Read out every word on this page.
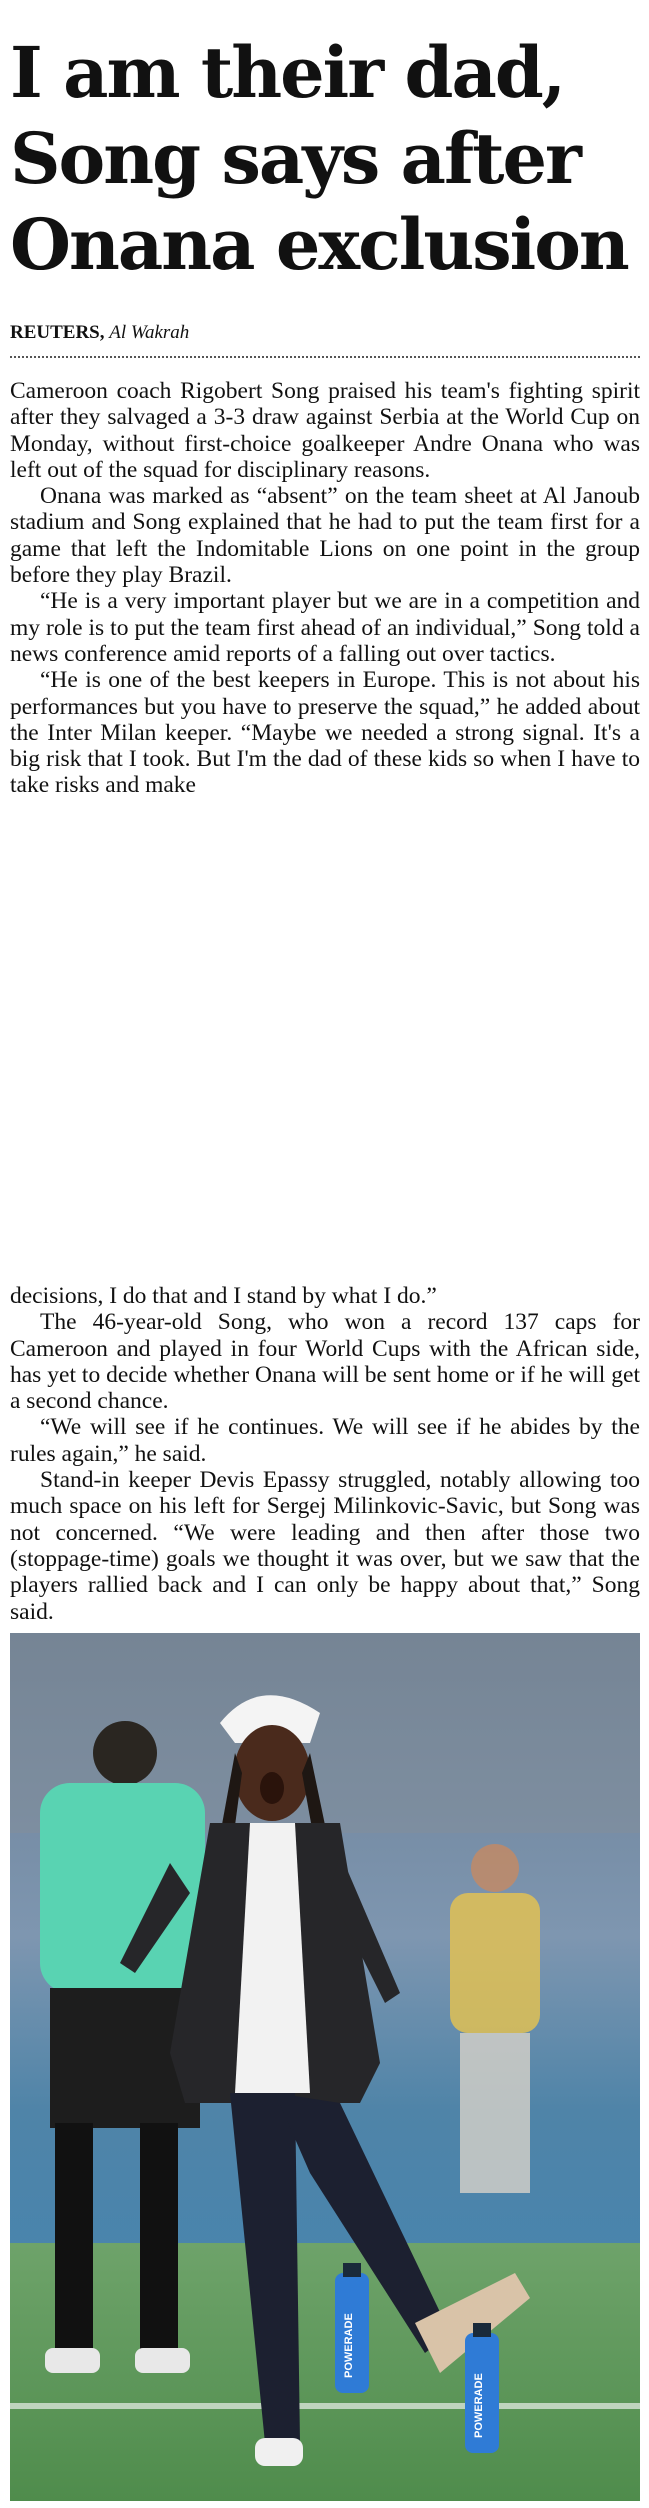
I am their dad,
Song says after
Onana exclusion
REUTERS, Al Wakrah

Cameroon coach Rigobert Song praised his team's fighting spirit after they salvaged a 3-3 draw against Serbia at the World Cup on Monday, without first-choice goalkeeper Andre Onana who was left out of the squad for disciplinary reasons.

Onana was marked as “absent” on the team sheet at Al Janoub stadium and Song explained that he had to put the team first for a game that left the Indomitable Lions on one point in the group before they play Brazil.

“He is a very important player but we are in a competition and my role is to put the team first ahead of an individual,” Song told a news conference amid reports of a falling out over tactics.

“He is one of the best keepers in Europe. This is not about his performances but you have to preserve the squad,” he added about the Inter Milan keeper. “Maybe we needed a strong signal. It's a big risk that I took. But I'm the dad of these kids so when I have to take risks and make

decisions, I do that and I stand by what I do.”

The 46-year-old Song, who won a record 137 caps for Cameroon and played in four World Cups with the African side, has yet to decide whether Onana will be sent home or if he will get a second chance.

“We will see if he continues. We will see if he abides by the rules again,” he said.

Stand-in keeper Devis Epassy struggled, notably allowing too much space on his left for Sergej Milinkovic-Savic, but Song was not concerned. “We were leading and then after those two (stoppage-time) goals we thought it was over, but we saw that the players rallied back and I can only be happy about that,” Song said.

POWERADE
POWERADE
